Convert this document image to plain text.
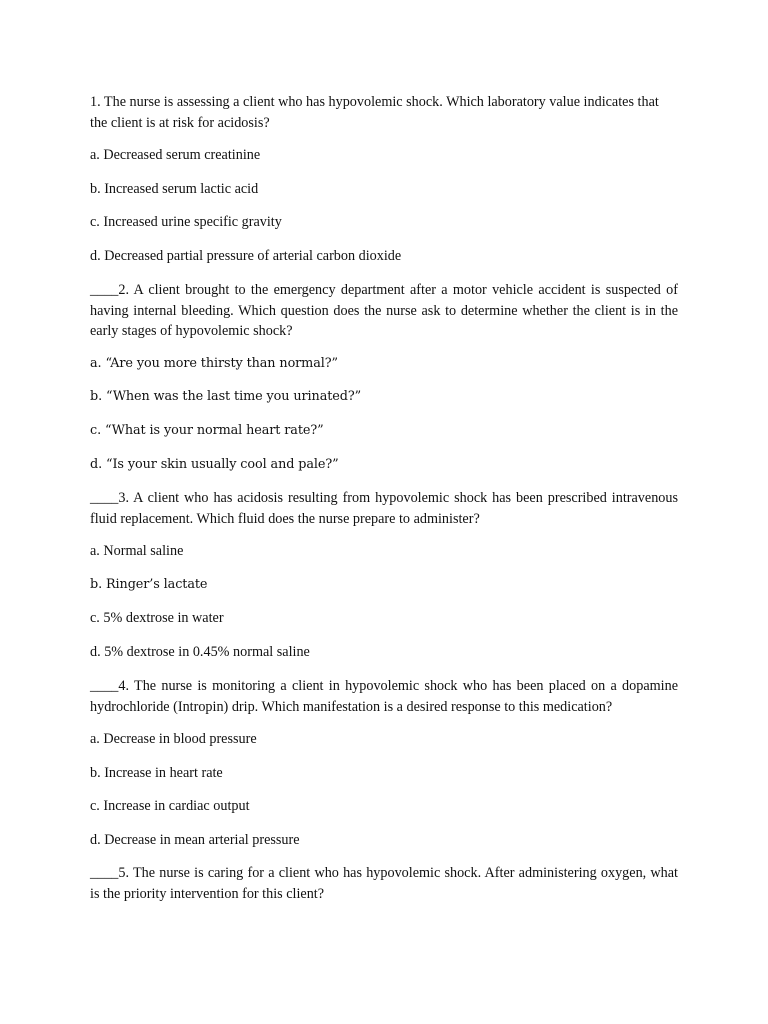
1. The nurse is assessing a client who has hypovolemic shock. Which laboratory value indicates that the client is at risk for acidosis?

a. Decreased serum creatinine

b. Increased serum lactic acid

c. Increased urine specific gravity

d. Decreased partial pressure of arterial carbon dioxide

____2. A client brought to the emergency department after a motor vehicle accident is suspected of having internal bleeding. Which question does the nurse ask to determine whether the client is in the early stages of hypovolemic shock?

a. “Are you more thirsty than normal?”

b. “When was the last time you urinated?”

c. “What is your normal heart rate?”

d. “Is your skin usually cool and pale?”

____3. A client who has acidosis resulting from hypovolemic shock has been prescribed intravenous fluid replacement. Which fluid does the nurse prepare to administer?

a. Normal saline

b. Ringer’s lactate

c. 5% dextrose in water

d. 5% dextrose in 0.45% normal saline

____4. The nurse is monitoring a client in hypovolemic shock who has been placed on a dopamine hydrochloride (Intropin) drip. Which manifestation is a desired response to this medication?

a. Decrease in blood pressure

b. Increase in heart rate

c. Increase in cardiac output

d. Decrease in mean arterial pressure

____5. The nurse is caring for a client who has hypovolemic shock. After administering oxygen, what is the priority intervention for this client?
